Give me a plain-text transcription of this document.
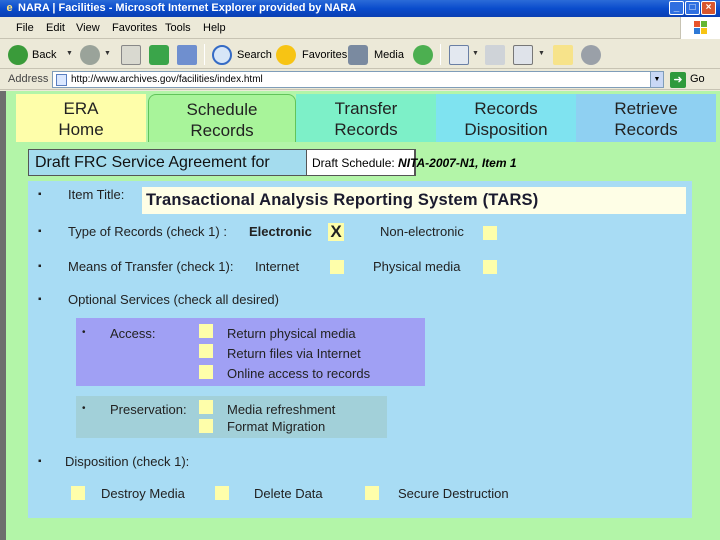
e NARA | Facilities - Microsoft Internet Explorer provided by NARA	_	□	×
File Edit View Favorites Tools Help
Back ▼	▼	Search	Favorites Media	▼	▼
Address http://www.archives.gov/facilities/index.html	▼	➜ Go
ERA
Home
Schedule
Records
Transfer
Records
Records
Disposition
Retrieve
Records
Draft FRC Service Agreement for	Draft Schedule: NITA-2007-N1, Item 1
▪ Item Title: Transactional Analysis Reporting System (TARS)
▪ Type of Records (check 1) : Electronic X	Non-electronic
▪ Means of Transfer (check 1): Internet	Physical media
▪ Optional Services (check all desired)
• Access:	Return physical media
Return files via Internet
Online access to records
• Preservation:	Media refreshment
Format Migration
▪ Disposition (check 1):
Destroy Media	Delete Data	Secure Destruction
